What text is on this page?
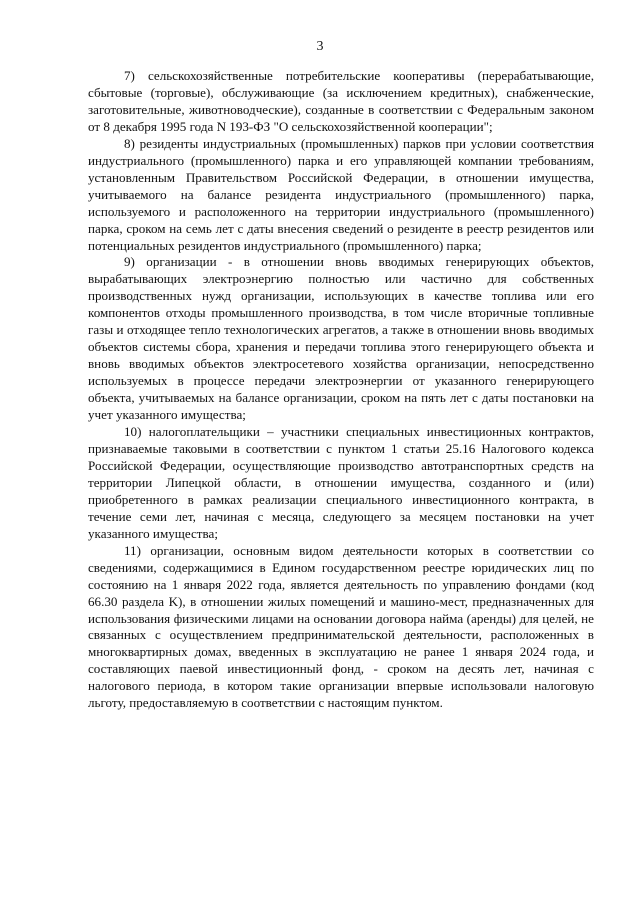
3

7) сельскохозяйственные потребительские кооперативы (перерабатывающие, сбытовые (торговые), обслуживающие (за исключением кредитных), снабженческие, заготовительные, животноводческие), созданные в соответствии с Федеральным законом от 8 декабря 1995 года N 193-ФЗ "О сельскохозяйственной кооперации";

8) резиденты индустриальных (промышленных) парков при условии соответствия индустриального (промышленного) парка и его управляющей компании требованиям, установленным Правительством Российской Федерации, в отношении имущества, учитываемого на балансе резидента индустриального (промышленного) парка, используемого и расположенного на территории индустриального (промышленного) парка, сроком на семь лет с даты внесения сведений о резиденте в реестр резидентов или потенциальных резидентов индустриального (промышленного) парка;

9) организации - в отношении вновь вводимых генерирующих объектов, вырабатывающих электроэнергию полностью или частично для собственных производственных нужд организации, использующих в качестве топлива или его компонентов отходы промышленного производства, в том числе вторичные топливные газы и отходящее тепло технологических агрегатов, а также в отношении вновь вводимых объектов системы сбора, хранения и передачи топлива этого генерирующего объекта и вновь вводимых объектов электросетевого хозяйства организации, непосредственно используемых в процессе передачи электроэнергии от указанного генерирующего объекта, учитываемых на балансе организации, сроком на пять лет с даты постановки на учет указанного имущества;

10) налогоплательщики – участники специальных инвестиционных контрактов, признаваемые таковыми в соответствии с пунктом 1 статьи 25.16 Налогового кодекса Российской Федерации, осуществляющие производство автотранспортных средств на территории Липецкой области, в отношении имущества, созданного и (или) приобретенного в рамках реализации специального инвестиционного контракта, в течение семи лет, начиная с месяца, следующего за месяцем постановки на учет указанного имущества;

11) организации, основным видом деятельности которых в соответствии со сведениями, содержащимися в Едином государственном реестре юридических лиц по состоянию на 1 января 2022 года, является деятельность по управлению фондами (код 66.30 раздела K), в отношении жилых помещений и машино-мест, предназначенных для использования физическими лицами на основании договора найма (аренды) для целей, не связанных с осуществлением предпринимательской деятельности, расположенных в многоквартирных домах, введенных в эксплуатацию не ранее 1 января 2024 года, и составляющих паевой инвестиционный фонд, - сроком на десять лет, начиная с налогового периода, в котором такие организации впервые использовали налоговую льготу, предоставляемую в соответствии с настоящим пунктом.
